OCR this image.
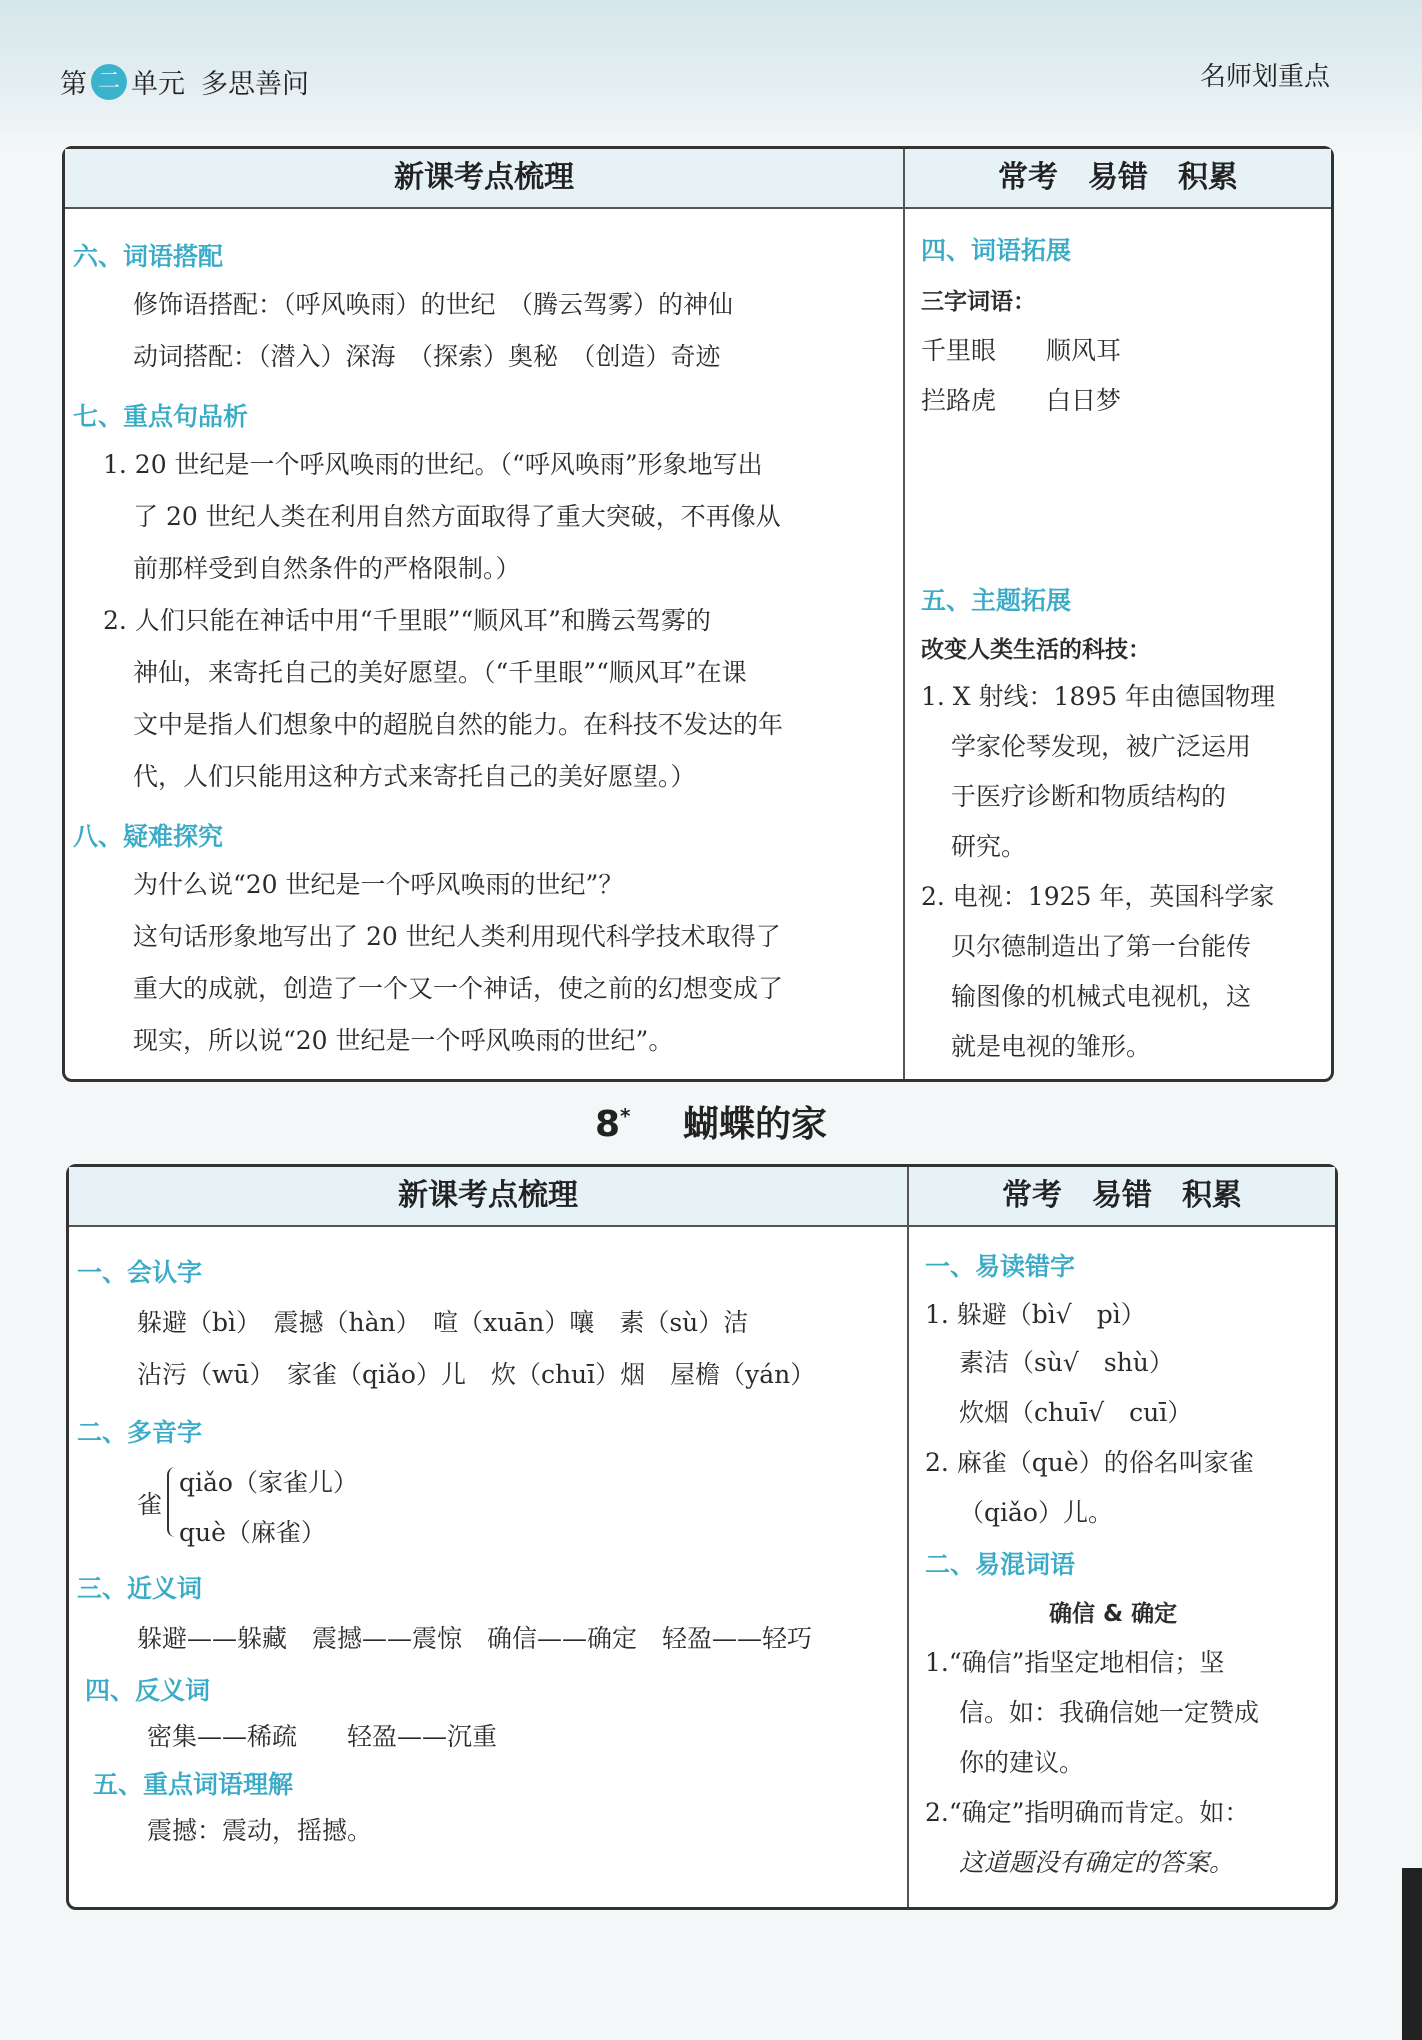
第 二 单元 多思善问	名师划重点
新课考点梳理	常考　易错　积累
六、词语搭配
修饰语搭配：（呼风唤雨）的世纪　（腾云驾雾）的神仙
动词搭配：（潜入）深海　（探索）奥秘　（创造）奇迹
七、重点句品析
1. 20 世纪是一个呼风唤雨的世纪。（“呼风唤雨”形象地写出
了 20 世纪人类在利用自然方面取得了重大突破，不再像从
前那样受到自然条件的严格限制。）
2. 人们只能在神话中用“千里眼”“顺风耳”和腾云驾雾的
神仙，来寄托自己的美好愿望。（“千里眼”“顺风耳”在课
文中是指人们想象中的超脱自然的能力。在科技不发达的年
代，人们只能用这种方式来寄托自己的美好愿望。）
八、疑难探究
为什么说“20 世纪是一个呼风唤雨的世纪”？
这句话形象地写出了 20 世纪人类利用现代科学技术取得了
重大的成就，创造了一个又一个神话，使之前的幻想变成了
现实，所以说“20 世纪是一个呼风唤雨的世纪”。
四、词语拓展
三字词语：
千里眼　　顺风耳
拦路虎　　白日梦
五、主题拓展
改变人类生活的科技：
1. X 射线：1895 年由德国物理
学家伦琴发现，被广泛运用
于医疗诊断和物质结构的
研究。
2. 电视：1925 年，英国科学家
贝尔德制造出了第一台能传
输图像的机械式电视机，这
就是电视的雏形。
8* 蝴蝶的家
新课考点梳理	常考　易错　积累
一、会认字
躲避（bì）　震撼（hàn）　喧（xuān）嚷　素（sù）洁
沾污（wū）　家雀（qiǎo）儿　炊（chuī）烟　屋檐（yán）
二、多音字
雀
qiǎo（家雀儿）
què（麻雀）
三、近义词
躲避——躲藏　震撼——震惊　确信——确定　轻盈——轻巧
四、反义词
密集——稀疏　　轻盈——沉重
五、重点词语理解
震撼：震动，摇撼。
一、易读错字
1. 躲避（bì√　pì）
素洁（sù√　shù）
炊烟（chuī√　cuī）
2. 麻雀（què）的俗名叫家雀
（qiǎo）儿。
二、易混词语
确信 & 确定
1.“确信”指坚定地相信；坚
信。如：我确信她一定赞成
你的建议。
2.“确定”指明确而肯定。如：
这道题没有确定的答案。
